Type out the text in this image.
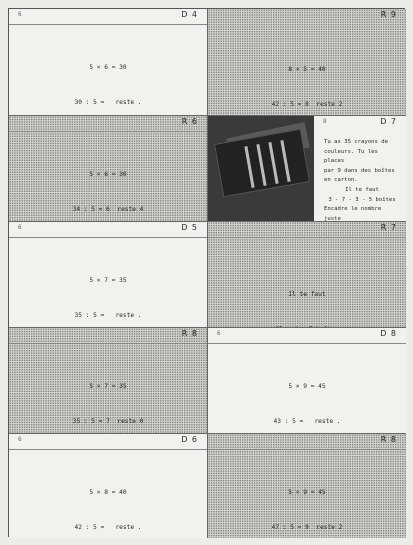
6	D 4

5 × 6 = 30

30 : 5 =   reste .

R 9

8 × 5 = 40

42 : 5 = 8  reste 2

R 6

5 × 6 = 30

34 : 5 = 6  reste 4

8	D 7
Tu as 35 crayons de
couleurs. Tu les places
par 9 dans des boîtes
en carton.
Il te faut
3 - 7 - 3 - 5 boîtes
Encadre le nombre juste
6	D 5

5 × 7 = 35

35 : 5 =   reste .

R 7

Il te faut

R 8

5 × 7 = 35

35 : 5 = 7  reste 0

6	D 8

5 × 9 = 45

43 : 5 =   reste .

6	D 6

5 × 8 = 40

42 : 5 =   reste .

R 8

5 × 9 = 45

47 : 5 = 9  reste 2
